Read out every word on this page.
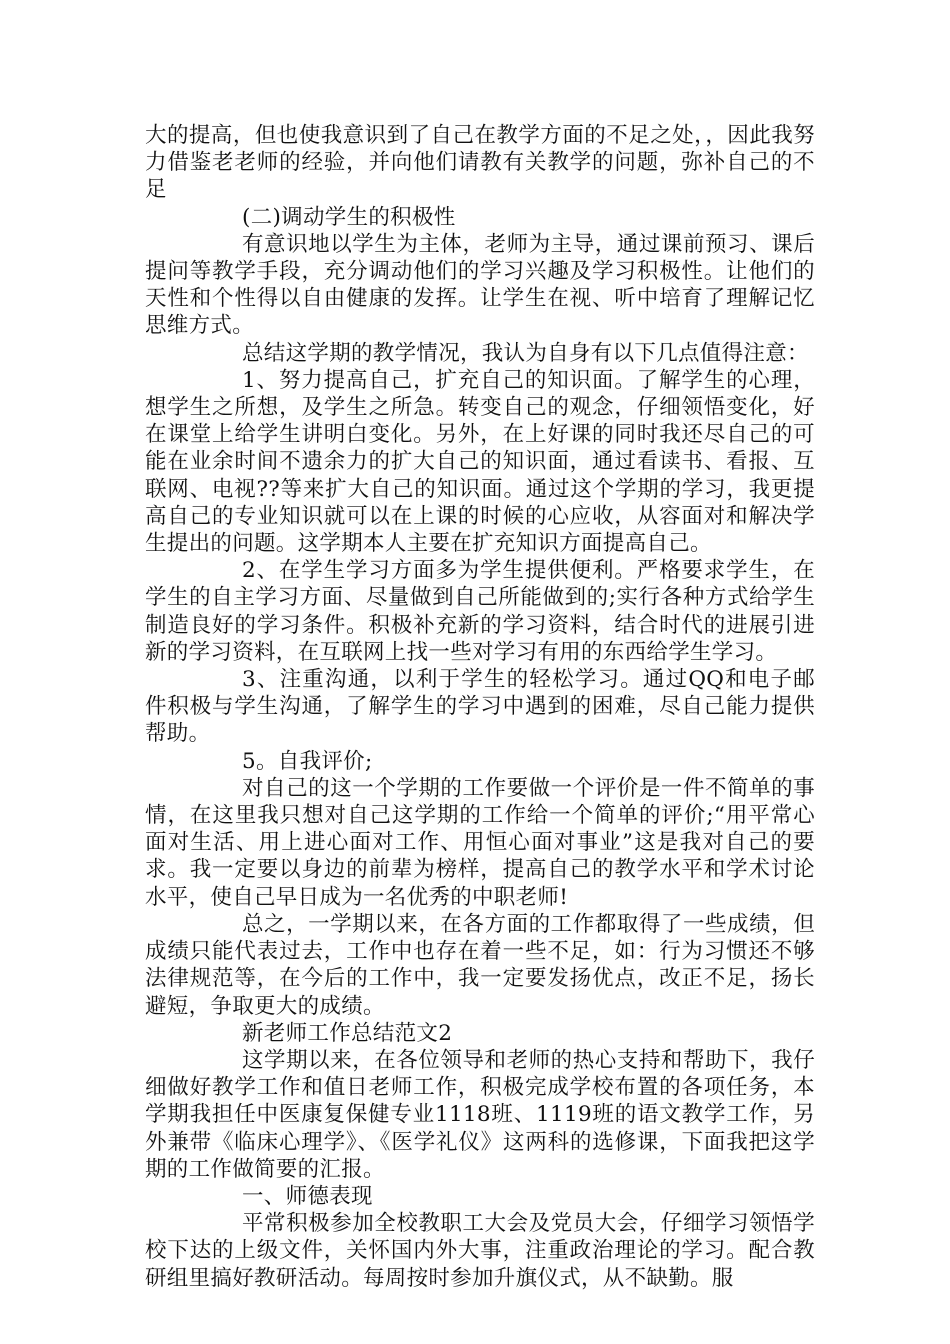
大的提高，但也使我意识到了自己在教学方面的不足之处，，因此我努力借鉴老老师的经验，并向他们请教有关教学的问题，弥补自己的不足

(二)调动学生的积极性

有意识地以学生为主体，老师为主导，通过课前预习、课后提问等教学手段，充分调动他们的学习兴趣及学习积极性。让他们的天性和个性得以自由健康的发挥。让学生在视、听中培育了理解记忆思维方式。

总结这学期的教学情况，我认为自身有以下几点值得注意：

1、努力提高自己，扩充自己的知识面。了解学生的心理，想学生之所想，及学生之所急。转变自己的观念，仔细领悟变化，好在课堂上给学生讲明白变化。另外，在上好课的同时我还尽自己的可能在业余时间不遗余力的扩大自己的知识面，通过看读书、看报、互联网、电视??等来扩大自己的知识面。通过这个学期的学习，我更提高自己的专业知识就可以在上课的时候的心应收，从容面对和解决学生提出的问题。这学期本人主要在扩充知识方面提高自己。

2、在学生学习方面多为学生提供便利。严格要求学生，在学生的自主学习方面、尽量做到自己所能做到的;实行各种方式给学生制造良好的学习条件。积极补充新的学习资料，结合时代的进展引进新的学习资料，在互联网上找一些对学习有用的东西给学生学习。

3、注重沟通，以利于学生的轻松学习。通过QQ和电子邮件积极与学生沟通，了解学生的学习中遇到的困难，尽自己能力提供帮助。

5。自我评价;

对自己的这一个学期的工作要做一个评价是一件不简单的事情，在这里我只想对自己这学期的工作给一个简单的评价;“用平常心面对生活、用上进心面对工作、用恒心面对事业”这是我对自己的要求。我一定要以身边的前辈为榜样，提高自己的教学水平和学术讨论水平，使自己早日成为一名优秀的中职老师!

总之，一学期以来，在各方面的工作都取得了一些成绩，但成绩只能代表过去，工作中也存在着一些不足，如：行为习惯还不够法律规范等，在今后的工作中，我一定要发扬优点，改正不足，扬长避短，争取更大的成绩。

新老师工作总结范文2

这学期以来，在各位领导和老师的热心支持和帮助下，我仔细做好教学工作和值日老师工作，积极完成学校布置的各项任务，本学期我担任中医康复保健专业1118班、1119班的语文教学工作，另外兼带《临床心理学》、《医学礼仪》这两科的选修课，下面我把这学期的工作做简要的汇报。

一、师德表现

平常积极参加全校教职工大会及党员大会，仔细学习领悟学校下达的上级文件，关怀国内外大事，注重政治理论的学习。配合教研组里搞好教研活动。每周按时参加升旗仪式，从不缺勤。服
